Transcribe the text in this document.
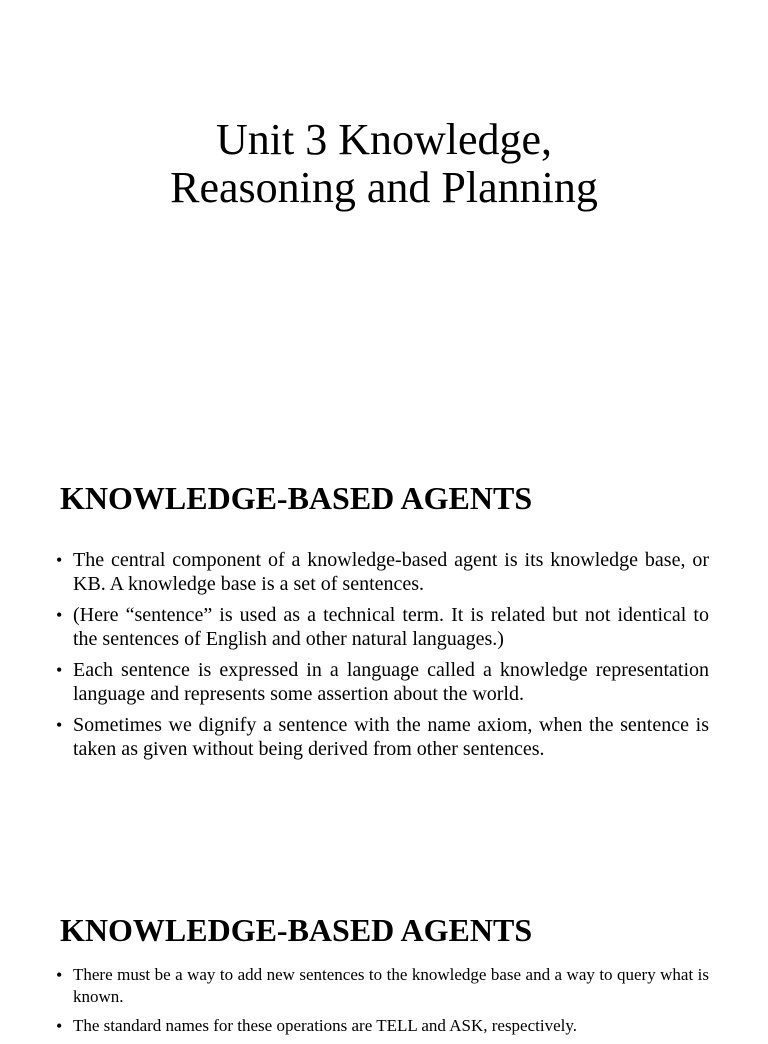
Unit 3 Knowledge,
Reasoning and Planning
KNOWLEDGE-BASED AGENTS
• The central component of a knowledge-based agent is its knowledge base, or KB. A knowledge base is a set of sentences.
• (Here “sentence” is used as a technical term. It is related but not identical to the sentences of English and other natural languages.)
• Each sentence is expressed in a language called a knowledge representation language and represents some assertion about the world.
• Sometimes we dignify a sentence with the name axiom, when the sentence is taken as given without being derived from other sentences.
KNOWLEDGE-BASED AGENTS
• There must be a way to add new sentences to the knowledge base and a way to query what is known.
• The standard names for these operations are TELL and ASK, respectively.
